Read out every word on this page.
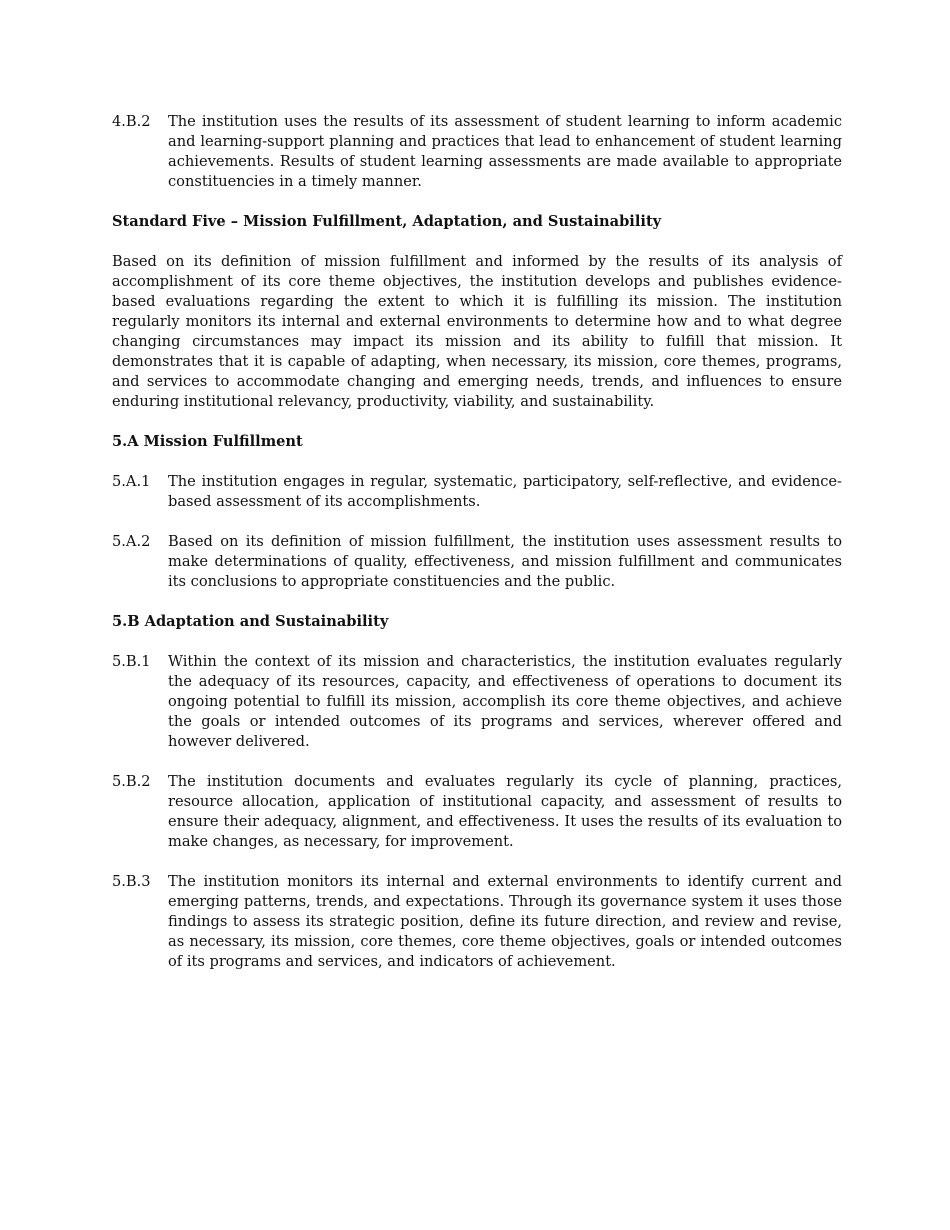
4.B.2	The institution uses the results of its assessment of student learning to inform academic and learning-support planning and practices that lead to enhancement of student learning achievements. Results of student learning assessments are made available to appropriate constituencies in a timely manner.
Standard Five – Mission Fulfillment, Adaptation, and Sustainability
Based on its definition of mission fulfillment and informed by the results of its analysis of accomplishment of its core theme objectives, the institution develops and publishes evidence-based evaluations regarding the extent to which it is fulfilling its mission. The institution regularly monitors its internal and external environments to determine how and to what degree changing circumstances may impact its mission and its ability to fulfill that mission. It demonstrates that it is capable of adapting, when necessary, its mission, core themes, programs, and services to accommodate changing and emerging needs, trends, and influences to ensure enduring institutional relevancy, productivity, viability, and sustainability.
5.A Mission Fulfillment
5.A.1	The institution engages in regular, systematic, participatory, self-reflective, and evidence-based assessment of its accomplishments.
5.A.2	Based on its definition of mission fulfillment, the institution uses assessment results to make determinations of quality, effectiveness, and mission fulfillment and communicates its conclusions to appropriate constituencies and the public.
5.B Adaptation and Sustainability
5.B.1	Within the context of its mission and characteristics, the institution evaluates regularly the adequacy of its resources, capacity, and effectiveness of operations to document its ongoing potential to fulfill its mission, accomplish its core theme objectives, and achieve the goals or intended outcomes of its programs and services, wherever offered and however delivered.
5.B.2	The institution documents and evaluates regularly its cycle of planning, practices, resource allocation, application of institutional capacity, and assessment of results to ensure their adequacy, alignment, and effectiveness. It uses the results of its evaluation to make changes, as necessary, for improvement.
5.B.3	The institution monitors its internal and external environments to identify current and emerging patterns, trends, and expectations. Through its governance system it uses those findings to assess its strategic position, define its future direction, and review and revise, as necessary, its mission, core themes, core theme objectives, goals or intended outcomes of its programs and services, and indicators of achievement.
